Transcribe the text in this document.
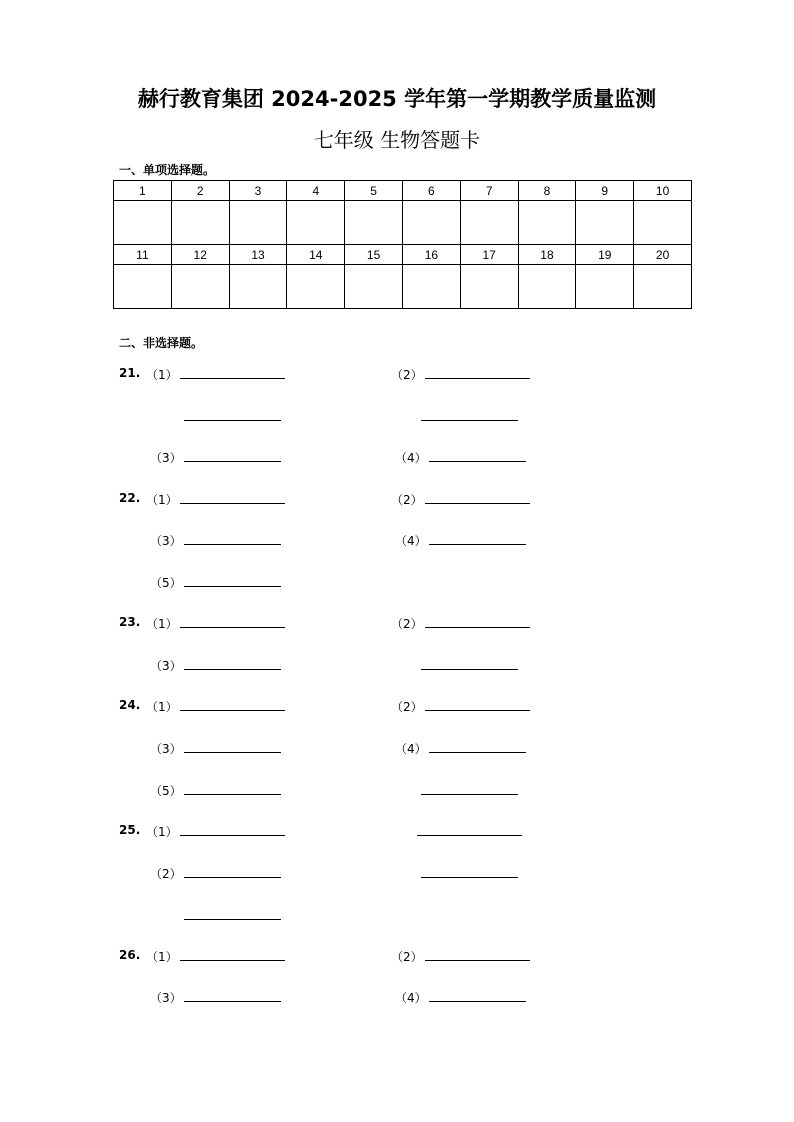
赫行教育集团 2024-2025 学年第一学期教学质量监测
七年级 生物答题卡
一、单项选择题。
1	2	3	4	5	6	7	8	9	10

11	12	13	14	15	16	17	18	19	20

二、非选择题。
21. （1）	（2）
（3）	（4）
22. （1）	（2）
（3）	（4）
（5）
23. （1）	（2）
（3）
24. （1）	（2）
（3）	（4）
（5）
25. （1）
（2）
26. （1）	（2）
（3）	（4）
